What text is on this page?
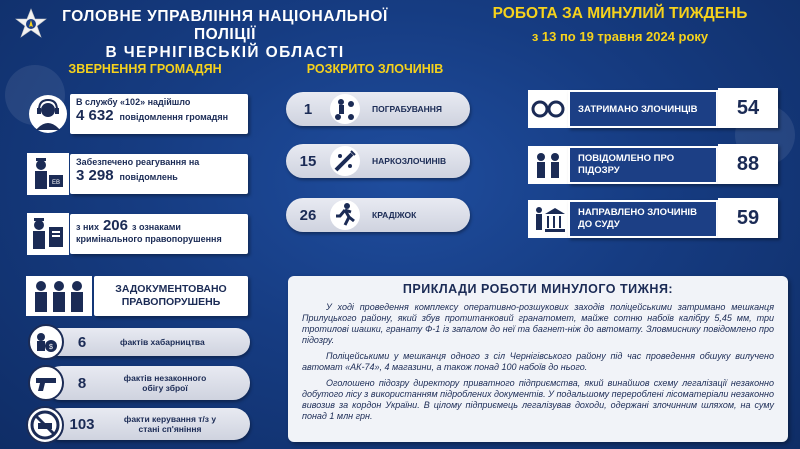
ГОЛОВНЕ УПРАВЛІННЯ НАЦІОНАЛЬНОЇ ПОЛІЦІЇ
В ЧЕРНІГІВСЬКІЙ ОБЛАСТІ
РОБОТА ЗА МИНУЛИЙ ТИЖДЕНЬ
з 13 по 19 травня 2024 року
ЗВЕРНЕННЯ ГРОМАДЯН
В службу «102» надійшло
4 632 повідомлення громадян
ЕВ
Забезпечено реагування на
3 298 повідомлень
з них 206 з ознаками
кримінального правопорушення
ЗАДОКУМЕНТОВАНО ПРАВОПОРУШЕНЬ
6	фактів хабарництва
$
8	фактів незаконного обігу зброї
103	факти керування т/з у стані сп'яніння
РОЗКРИТО ЗЛОЧИНІВ
1	ПОГРАБУВАННЯ
15	НАРКОЗЛОЧИНІВ
26	КРАДІЖОК
ЗАТРИМАНО ЗЛОЧИНЦІВ	54
ПОВІДОМЛЕНО ПРО ПІДОЗРУ	88
НАПРАВЛЕНО ЗЛОЧИНІВ ДО СУДУ	59
ПРИКЛАДИ РОБОТИ МИНУЛОГО ТИЖНЯ:

У ході проведення комплексу оперативно-розшукових заходів поліцейськими затримано мешканця Прилуцького району, який збув протитанковий гранатомет, майже сотню набоїв калібру 5,45 мм, три тротилові шашки, гранату Ф-1 із запалом до неї та багнет-ніж до автомату. Зловмиснику повідомлено про підозру.

Поліцейськими у мешканця одного з сіл Чернігівського району під час проведення обшуку вилучено автомат «АК-74», 4 магазини, а також понад 100 набоїв до нього.

Оголошено підозру директору приватного підприємства, який винайшов схему легалізації незаконно добутого лісу з використанням підроблених документів. У подальшому перероблені лісоматеріали незаконно вивозив за кордон України. В цілому підприємець легалізував доходи, одержані злочинним шляхом, на суму понад 1 млн грн.
